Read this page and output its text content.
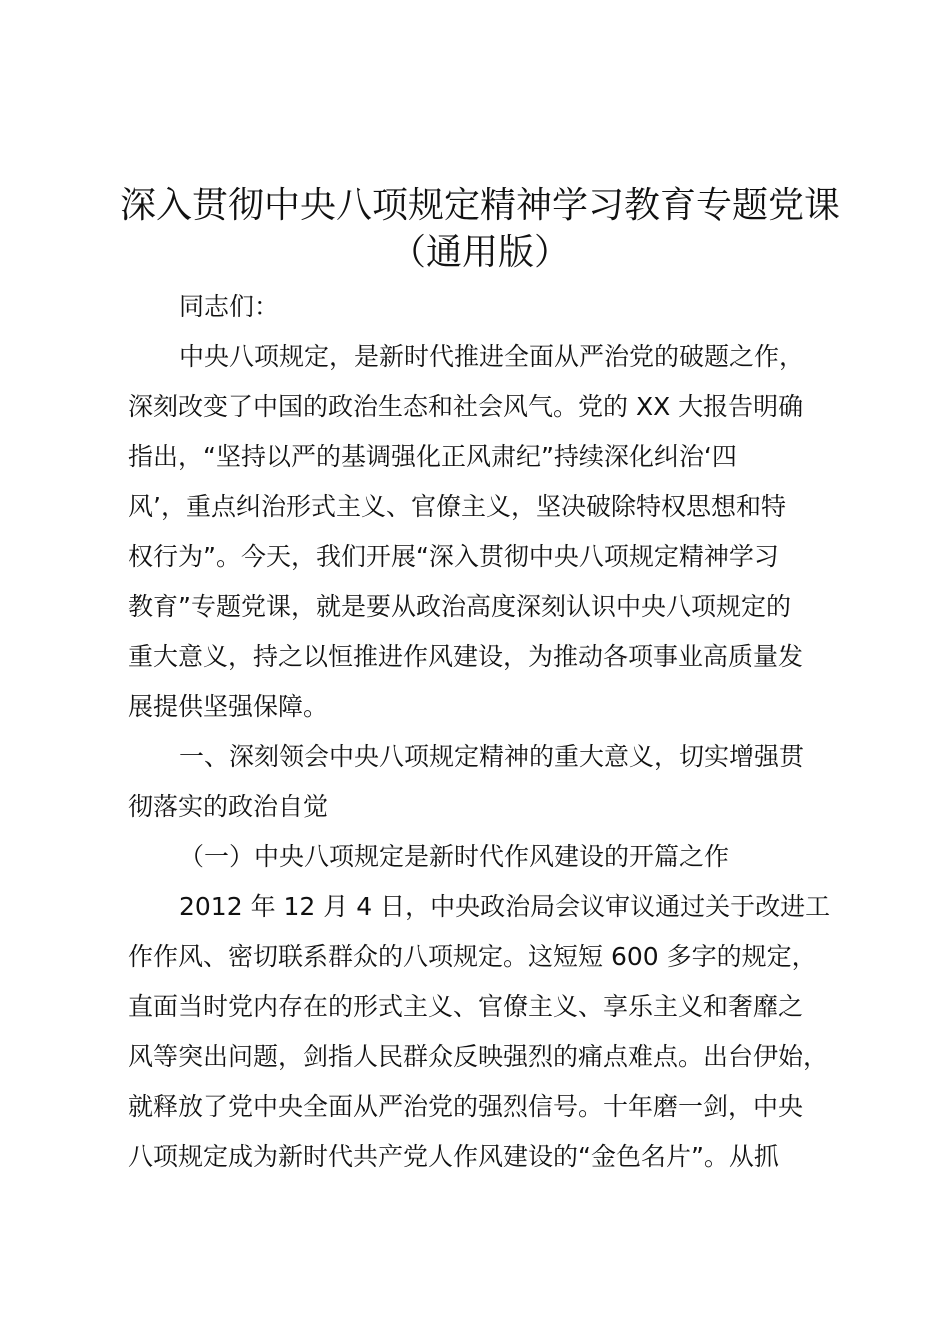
深入贯彻中央八项规定精神学习教育专题党课
（通用版）
同志们：
中央八项规定，是新时代推进全面从严治党的破题之作，
深刻改变了中国的政治生态和社会风气。党的 XX 大报告明确
指出，“坚持以严的基调强化正风肃纪”持续深化纠治‘四
风’，重点纠治形式主义、官僚主义，坚决破除特权思想和特
权行为”。今天，我们开展“深入贯彻中央八项规定精神学习
教育”专题党课，就是要从政治高度深刻认识中央八项规定的
重大意义，持之以恒推进作风建设，为推动各项事业高质量发
展提供坚强保障。
一、深刻领会中央八项规定精神的重大意义，切实增强贯
彻落实的政治自觉
（一）中央八项规定是新时代作风建设的开篇之作
2012 年 12 月 4 日，中央政治局会议审议通过关于改进工
作作风、密切联系群众的八项规定。这短短 600 多字的规定，
直面当时党内存在的形式主义、官僚主义、享乐主义和奢靡之
风等突出问题，剑指人民群众反映强烈的痛点难点。出台伊始，
就释放了党中央全面从严治党的强烈信号。十年磨一剑，中央
八项规定成为新时代共产党人作风建设的“金色名片”。从抓
